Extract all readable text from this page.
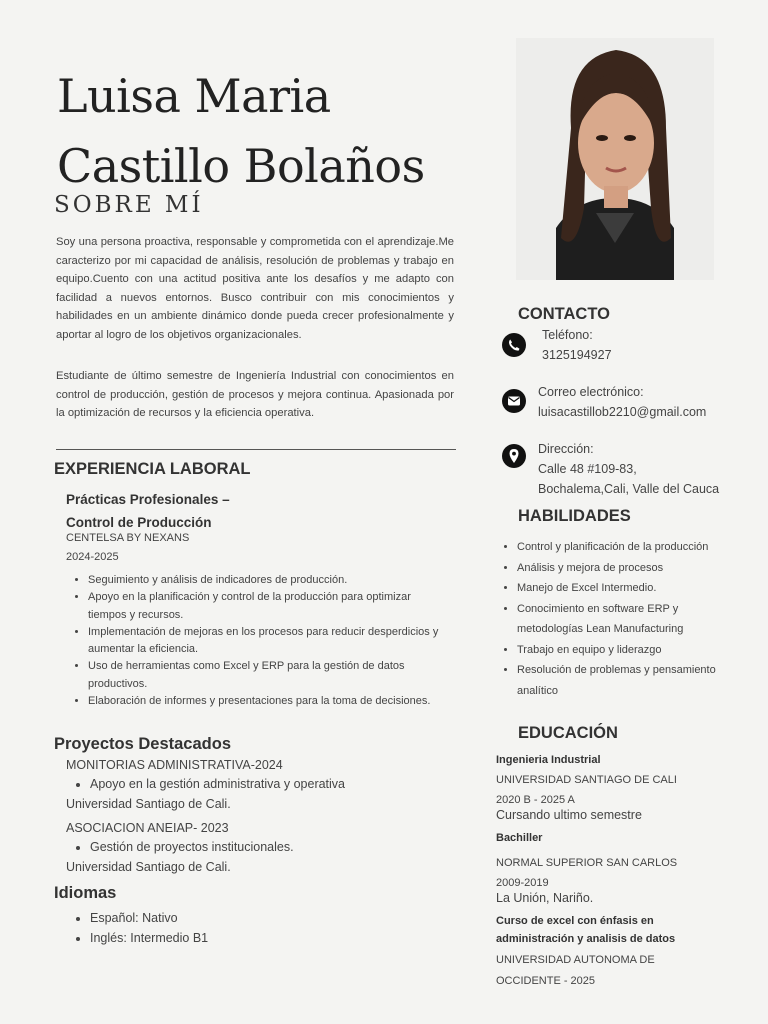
Luisa Maria
Castillo Bolaños
SOBRE MÍ

Soy una persona proactiva, responsable y comprometida con el aprendizaje.Me caracterizo por mi capacidad de análisis, resolución de problemas y trabajo en equipo.Cuento con una actitud positiva ante los desafíos y me adapto con facilidad a nuevos entornos. Busco contribuir con mis conocimientos y habilidades en un ambiente dinámico donde pueda crecer profesionalmente y aportar al logro de los objetivos organizacionales.

Estudiante de último semestre de Ingeniería Industrial con conocimientos en control de producción, gestión de procesos y mejora continua. Apasionada por la optimización de recursos y la eficiencia operativa.

EXPERIENCIA LABORAL
Prácticas Profesionales –
Control de Producción
CENTELSA BY NEXANS
2024-2025
• Seguimiento y análisis de indicadores de producción.
• Apoyo en la planificación y control de la producción para optimizar tiempos y recursos.
• Implementación de mejoras en los procesos para reducir desperdicios y aumentar la eficiencia.
• Uso de herramientas como Excel y ERP para la gestión de datos productivos.
• Elaboración de informes y presentaciones para la toma de decisiones.
Proyectos Destacados
MONITORIAS ADMINISTRATIVA-2024
• Apoyo en la gestión administrativa y operativa
Universidad Santiago de Cali.
ASOCIACION ANEIAP- 2023
• Gestión de proyectos institucionales.
Universidad Santiago de Cali.
Idiomas
• Español: Nativo
• Inglés: Intermedio B1
CONTACTO
Teléfono:
3125194927
Correo electrónico:
luisacastillob2210@gmail.com
Dirección:
Calle 48 #109-83,
Bochalema,Cali, Valle del Cauca
HABILIDADES
• Control y planificación de la producción
• Análisis y mejora de procesos
• Manejo de Excel Intermedio.
• Conocimiento en software ERP y metodologías Lean Manufacturing
• Trabajo en equipo y liderazgo
• Resolución de problemas y pensamiento analítico
EDUCACIÓN
Ingenieria Industrial
UNIVERSIDAD SANTIAGO DE CALI
2020 B - 2025 A
Cursando ultimo semestre
Bachiller
NORMAL SUPERIOR SAN CARLOS
2009-2019
La Unión, Nariño.
Curso de excel con énfasis en
administración y analisis de datos
UNIVERSIDAD AUTONOMA DE
OCCIDENTE - 2025
